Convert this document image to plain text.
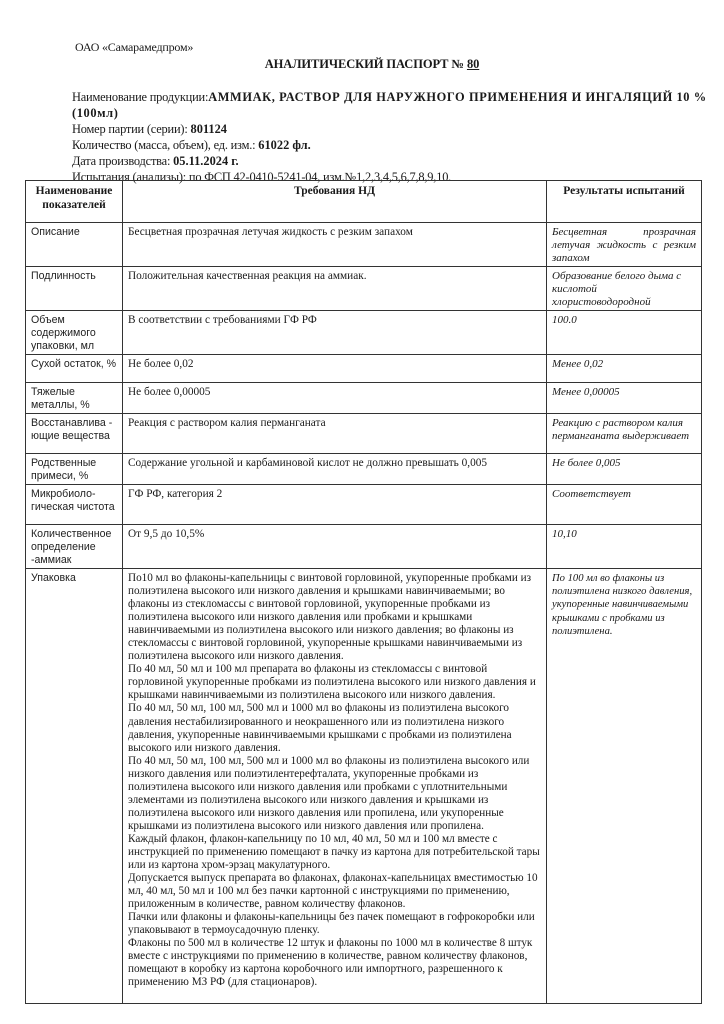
ОАО «Самарамедпром»
АНАЛИТИЧЕСКИЙ ПАСПОРТ № 80
Наименование продукции: АММИАК, РАСТВОР ДЛЯ НАРУЖНОГО ПРИМЕНЕНИЯ И ИНГАЛЯЦИЙ 10 %
(100мл)
Номер партии (серии): 801124
Количество (масса, объем), ед. изм.: 61022 фл.
Дата производства: 05.11.2024 г.
Испытания (анализы): по ФСП 42-0410-5241-04, изм.№1,2,3,4,5,6,7,8,9,10.
Наименование показателей	Требования НД	Результаты испытаний
Описание	Бесцветная прозрачная летучая жидкость с резким запахом	Бесцветная прозрачная летучая жидкость с резким запахом
Подлинность	Положительная качественная реакция на аммиак.	Образование белого дыма с кислотой хлористоводородной
Объем содержимого упаковки, мл	В соответствии с требованиями ГФ РФ	100.0
Сухой остаток, %	Не более 0,02	Менее 0,02
Тяжелые металлы, %	Не более 0,00005	Менее 0,00005
Восстанавлива - ющие вещества	Реакция с раствором калия перманганата	Реакцию с раствором калия перманганата выдерживает
Родственные примеси, %	Содержание угольной и карбаминовой кислот не должно превышать 0,005	Не более 0,005
Микробиоло- гическая чистота	ГФ РФ, категория 2	Соответствует
Количественное определение -аммиак	От 9,5 до 10,5%	10,10
Упаковка	По10 мл во флаконы-капельницы с винтовой горловиной, укупоренные пробками из полиэтилена высокого или низкого давления и крышками навинчиваемыми; во флаконы из стекломассы с винтовой горловиной, укупоренные пробками из полиэтилена высокого или низкого давления или пробками и крышками навинчиваемыми из полиэтилена высокого или низкого давления; во флаконы из стекломассы с винтовой горловиной, укупоренные крышками навинчиваемыми из полиэтилена высокого или низкого давления.

По 40 мл, 50 мл и 100 мл препарата во флаконы из стекломассы с винтовой горловиной укупоренные пробками из полиэтилена высокого или низкого давления и крышками навинчиваемыми из полиэтилена высокого или низкого давления.

По 40 мл, 50 мл, 100 мл, 500 мл и 1000 мл во флаконы из полиэтилена высокого давления нестабилизированного и неокрашенного или из полиэтилена низкого давления, укупоренные навинчиваемыми крышками с пробками из полиэтилена высокого или низкого давления.

По 40 мл, 50 мл, 100 мл, 500 мл и 1000 мл во флаконы из полиэтилена высокого или низкого давления или полиэтилентерефталата, укупоренные пробками из полиэтилена высокого или низкого давления или пробками с уплотнительными элементами из полиэтилена высокого или низкого давления и крышками из полиэтилена высокого или низкого давления или пропилена, или укупоренные крышками из полиэтилена высокого или низкого давления или пропилена.

Каждый флакон, флакон-капельницу по 10 мл, 40 мл, 50 мл и 100 мл вместе с инструкцией по применению помещают в пачку из картона для потребительской тары или из картона хром-эрзац макулатурного.

Допускается выпуск препарата во флаконах, флаконах-капельницах вместимостью 10 мл, 40 мл, 50 мл и 100 мл без пачки картонной с инструкциями по применению, приложенным в количестве, равном количеству флаконов.

Пачки или флаконы и флаконы-капельницы без пачек помещают в гофрокоробки или упаковывают в термоусадочную пленку.

Флаконы по 500 мл в количестве 12 штук и флаконы по 1000 мл в количестве 8 штук вместе с инструкциями по применению в количестве, равном количеству флаконов, помещают в коробку из картона коробочного или импортного, разрешенного к применению МЗ РФ (для стационаров).

	По 100 мл во флаконы из полиэтилена низкого давления, укупоренные навинчиваемыми крышками с пробками из полиэтилена.
